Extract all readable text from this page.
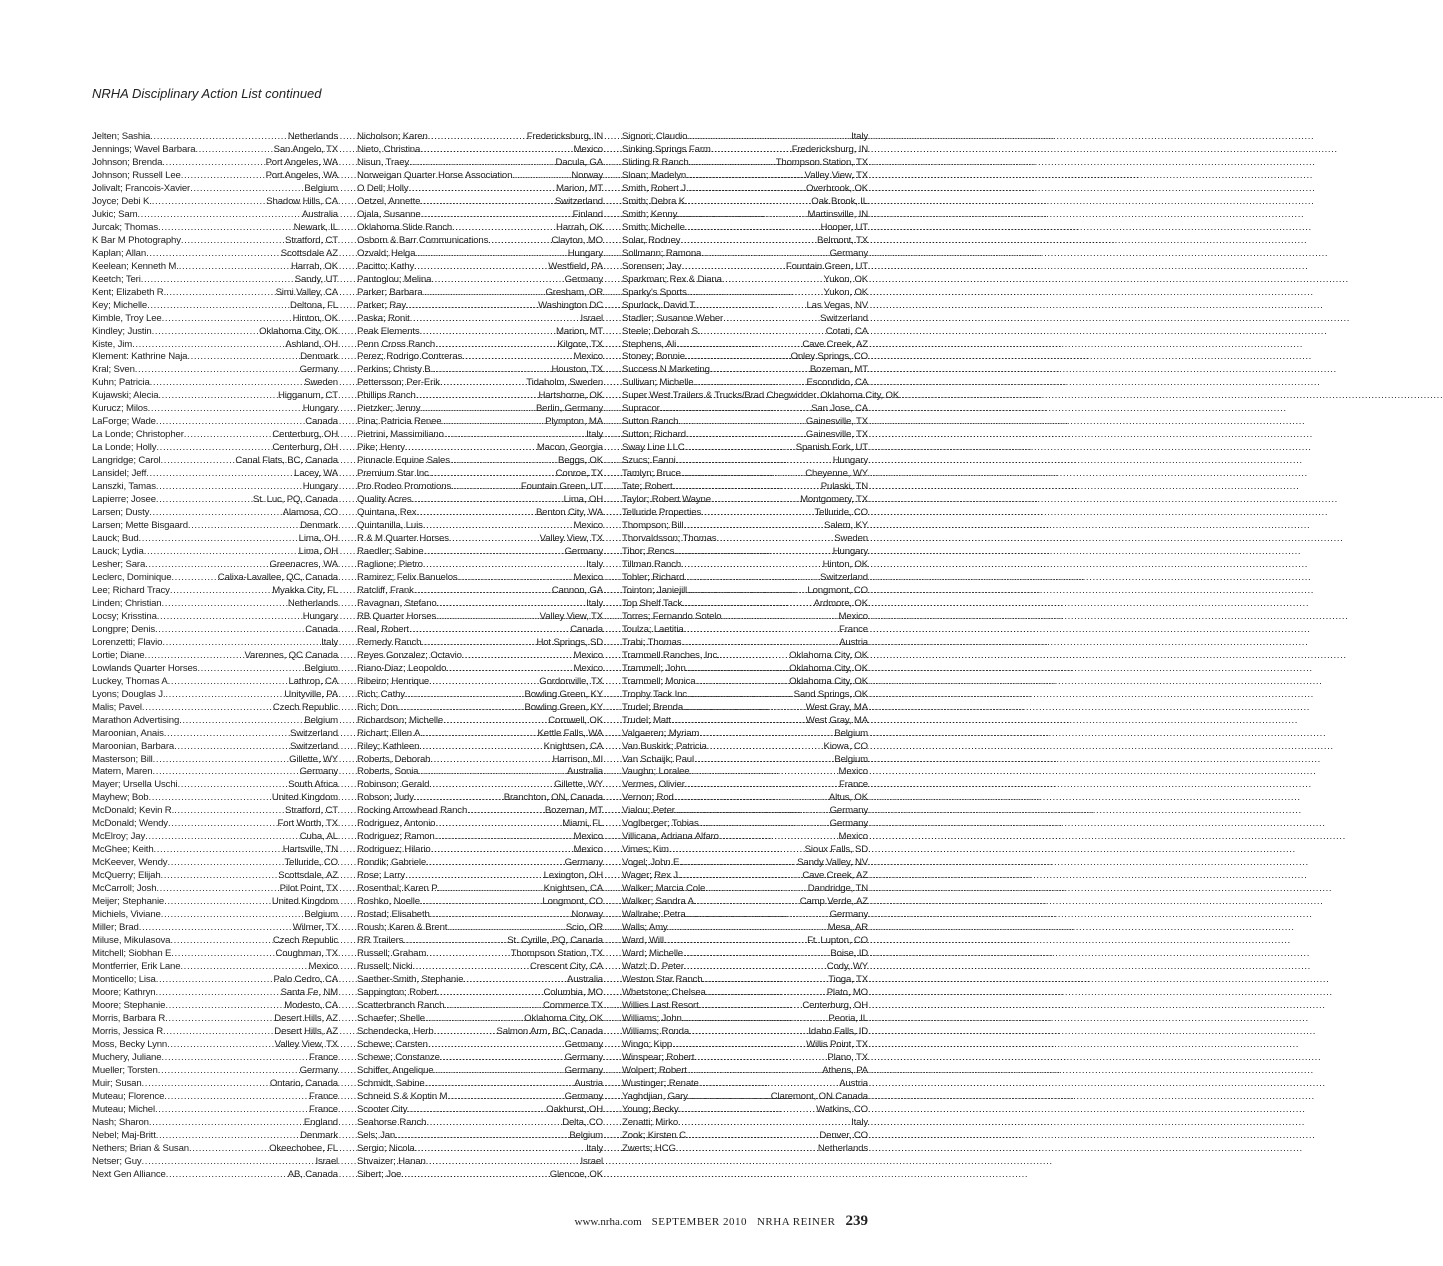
NRHA Disciplinary Action List continued
Jelten; Sashia .....	Netherlands
Jennings; Wavel Barbara .....	San Angelo, TX
Johnson; Brenda .....	Port Angeles, WA
Johnson; Russell Lee .....	Port Angeles, WA
Jolivalt; Francois-Xavier .....	Belgium
Joyce; Debi K. .....	Shadow Hills, CA
Jukic; Sam .....	Australia
Jurcak; Thomas .....	Newark, IL
K Bar M Photography .....	Stratford, CT
Kaplan; Allan .....	Scottsdale AZ
Keelean; Kenneth M. .....	Harrah, OK
Keetch; Teri .....	Sandy, UT
Kent; Elizabeth R. .....	Simi Valley, CA
Key; Michelle .....	Deltona, FL
Kimble, Troy Lee .....	Hinton, OK
Kindley; Justin .....	Oklahoma City, OK
Kiste, Jim .....	Ashland, OH
Klement: Kathrine Naja .....	Denmark
Kral; Sven .....	Germany
Kuhn; Patricia .....	Sweden
Kujawski; Alecia .....	Higganum, CT
Kurucz; Milos .....	Hungary
LaForge; Wade .....	Canada
La Londe; Christopher .....	Centerburg, OH
La Londe; Holly .....	Centerburg, OH
Langridge; Carol .....	Canal Flats, BC, Canada
Lansidel; Jeff .....	Lacey, WA
Lanszki, Tamas .....	Hungary
Lapierre; Josee .....	St. Luc, PQ, Canada
Larsen; Dusty .....	Alamosa, CO
Larsen; Mette Bisgaard .....	Denmark
Lauck; Bud .....	Lima, OH
Lauck; Lydia .....	Lima, OH
Lesher; Sara .....	Greenacres, WA
Leclerc, Dominique .....	Calixa-Lavallee, QC, Canada
Lee; Richard Tracy .....	Myakka City, FL
Linden; Christian .....	Netherlands
Locsy; Krisstina .....	Hungary
Longpre; Denis .....	Canada
Lorenzetti; Flavio .....	Italy
Lortie; Diane .....	Varennes, QC Canada
Lowlands Quarter Horses .....	Belgium
Luckey, Thomas A .....	Lathrop, CA
Lyons; Douglas J. .....	Unityville, PA
Malis; Pavel .....	Czech Republic
Marathon Advertising .....	Belgium
Maroonian, Anais .....	Switzerland
Maroonian, Barbara .....	Switzerland
Masterson; Bill .....	Gillette, WY
Matern, Maren .....	Germany
Mayer; Ursella Uschi .....	South Africa
Mayhew; Bob .....	United Kingdom
McDonald; Kevin R. .....	Stratford, CT
McDonald; Wendy .....	Fort Worth, TX
McElroy; Jay .....	Cuba, AL
McGhee; Keith .....	Hartsville, TN
McKeever, Wendy .....	Telluride, CO
McQuerry; Elijah .....	Scottsdale, AZ
McCarroll; Josh .....	Pilot Point, TX
Meijer; Stephanie .....	United Kingdom
Michiels, Viviane .....	Belgium
Miller; Brad .....	Wilmer, TX
Miluse, Mikulasova .....	Czech Republic
Mitchell; Siobhan E .....	Coughman, TX
Montferrier, Erik Lane .....	Mexico
Monticello; Lisa .....	Palo Cedro, CA
Moore; Kathryn .....	Santa Fe, NM
Moore; Stephanie .....	Modesto, CA
Morris, Barbara R .....	Desert Hills, AZ
Morris, Jessica R .....	Desert Hills, AZ
Moss, Becky Lynn .....	Valley View, TX
Muchery, Juliane .....	France
Mueller; Torsten .....	Germany
Muir; Susan .....	Ontario, Canada
Muteau; Florence .....	France
Muteau; Michel .....	France
Nash; Sharon .....	England
Nebel; Maj-Britt .....	Denmark
Nethers; Brian & Susan .....	Okeechobee, FL
Netser; Guy .....	Israel
Next Gen Alliance .....	AB, Canada
Nicholson; Karen .....	Fredericksburg, IN
Nieto, Christina .....	Mexico
Nisun, Traey .....	Dacula, GA
Norweigan Quarter Horse Association .....	Norway
O Dell; Holly .....	Marion, MT
Oetzel, Annette .....	Switzerland
Ojala, Susanne .....	Finland
Oklahoma Slide Ranch .....	Harrah, OK
Osborn & Barr Communications .....	Clayton, MO
Ozvald; Helga .....	Hungary
Pacitto; Kathy .....	Westfield, PA
Pantoglou; Melina .....	Germany
Parker; Barbara .....	Gresham, OR
Parker; Ray .....	Washington DC
Paska; Ronit .....	Israel
Peak Elements .....	Marion, MT
Penn Cross Ranch .....	Kilgore, TX
Perez; Rodrigo Contreras .....	Mexico
Perkins; Christy B. .....	Houston, TX
Pettersson; Per-Erik .....	Tidaholm, Sweden
Phillips Ranch .....	Hartshorne, OK
Pietzker; Jenny .....	Berlin, Germany
Pina; Patricia Renee .....	Plympton, MA
Pietrini, Massimiliano .....	Italy
Pike; Henry .....	Macon, Georgia
Pinnacle Equine Sales .....	Beggs, OK
Premium Star Inc. .....	Conroe, TX
Pro Rodeo Promotions .....	Fountain Green, UT
Quality Acres .....	Lima, OH
Quintana, Rex .....	Benton City, WA
Quintanilla, Luis .....	Mexico
R & M Quarter Horses .....	Valley View, TX
Raedler; Sabine .....	Germany
Raglione; Pietro .....	Italy
Ramirez; Felix Banuelos .....	Mexico
Ratcliff, Frank .....	Cannon, GA
Ravagnan, Stefano .....	Italy
RB Quarter Horses .....	Valley View, TX
Real, Robert .....	Canada
Remedy Ranch .....	Hot Springs, SD
Reyes Gonzalez; Octavio .....	Mexico
Riano-Diaz; Leopoldo .....	Mexico
Ribeiro; Henrique .....	Gordonville, TX
Rich; Cathy .....	Bowling Green, KY
Rich; Don .....	Bowling Green, KY
Richardson; Michelle .....	Cornwell, OK
Richart; Ellen A. .....	Kettle Falls, WA
Riley; Kathleen .....	Knightsen, CA
Roberts, Deborah .....	Harrison, MI
Roberts, Sonia .....	Australia
Robinson; Gerald .....	Gillette, WY
Robson; Judy .....	Branchton, ON, Canada
Rocking Arrowhead Ranch .....	Bozeman, MT
Rodriguez, Antonio .....	Miami, FL
Rodriguez; Ramon .....	Mexico
Rodriguez; Hilario .....	Mexico
Rondik; Gabriele .....	Germany
Rose; Larry .....	Lexington, OH
Rosenthal; Karen P. .....	Knightsen, CA
Roshko, Noelle .....	Longmont, CO
Rostad; Elisabeth .....	Norway
Roush; Karen & Brent .....	Scio, OR
RR Trailers .....	St. Cyrille, PQ, Canada
Russell; Graham .....	Thompson Station, TX
Russell; Nicki .....	Crescent City, CA
Saether-Smith, Stephanie .....	Australia
Sappington; Robert .....	Columbia, MO
Scatterbranch Ranch .....	Commerce TX
Schaefer; Shelle .....	Oklahoma City, OK
Schendecka, Herb .....	Salmon Arm, BC, Canada
Schewe; Carsten .....	Germany
Schewe; Constanze .....	Germany
Schiffer, Angelique .....	Germany
Schmidt, Sabine .....	Austria
Schneid S & Koptin M .....	Germany
Scooter City .....	Oakhurst, OH
Seahorse Ranch .....	Delta, CO
Sels; Jan .....	Belgium
Sergio; Nicola .....	Italy
Shvaizer; Hanan .....	Israel
Sibert; Joe .....	Glencoe, OK
Signori; Claudio .....	Italy
Sinking Springs Farm .....	Fredericksburg, IN
Sliding R Ranch .....	Thompson Station, TX
Sloan; Madelyn .....	Valley View, TX
Smith, Robert J. .....	Overbrook, OK
Smith; Debra K. .....	Oak Brook, IL
Smith; Kenny .....	Martinsville, IN
Smith; Michelle .....	Hooper, UT
Solar, Rodney .....	Belmont, TX
Sollmann; Ramona .....	Germany
Sorensen; Jay .....	Fountain Green, UT
Sparkman; Rex & Diana .....	Yukon, OK
Sparky's Sports .....	Yukon, OK
Spurlock, David T. .....	Las Vegas, NV
Stadler; Susanne Weber .....	Switzerland
Steele; Deborah S. .....	Cotati, CA
Stephens, Ali .....	Cave Creek, AZ
Stoney; Bonnie .....	Onley Springs, CO
Success N Marketing .....	Bozeman, MT
Sullivan; Michelle .....	Escondido, CA
Super West Trailers & Trucks/Brad Chegwidder ..... Oklahoma City, OK
Supracor .....	San Jose, CA
Sutton Ranch .....	Gainesville, TX
Sutton; Richard .....	Gainesville, TX
Sway Line LLC .....	Spanish Fork, UT
Szucs; Fanni .....	Hungary
Tamlyn; Bruce .....	Cheyenne, WY
Tate; Robert .....	Pulaski, TN
Taylor; Robert Wayne .....	Montgomery, TX
Telluride Properties .....	Telluride, CO
Thompson; Bill .....	Salem, KY
Thorvaldsson; Thomas .....	Sweden
Tibor; Rencs .....	Hungary
Tillman Ranch .....	Hinton, OK
Tobler; Richard .....	Switzerland
Tointon; Janiejill .....	Longmont, CO
Top Shelf Tack .....	Ardmore, OK
Torres; Fernando Sotelo .....	Mexico
Toulza; Laetitia .....	France
Trabi; Thomas .....	Austria
Trammell Ranches, Inc. .....	Oklahoma City, OK
Trammell; John .....	Oklahoma City, OK
Trammell; Monica .....	Oklahoma City, OK
Trophy Tack Inc .....	Sand Springs, OK
Trudel; Brenda .....	West Gray, MA
Trudel; Matt .....	West Gray, MA
Valgaeren; Myriam .....	Belgium
Van Buskirk; Patricia .....	Kiowa, CO
Van Schaijk; Paul .....	Belgium
Vaughn; Loralee .....	Mexico
Vermes, Olivier .....	France
Vernon; Rod .....	Altus, OK
Vialou; Peter .....	Germany
Voglberger; Tobias .....	Germany
Villicana, Adriana Alfaro .....	Mexico
Vimes; Kim .....	Sioux Falls, SD
Vogel; John E. .....	Sandy Valley, NV
Wager; Rex J. .....	Cave Creek, AZ
Walker; Marcia Cole .....	Dandridge, TN
Walker; Sandra A. .....	Camp Verde, AZ
Wallrabe; Petra .....	Germany
Walls; Amy .....	Mesa, AR
Ward, Will .....	Ft. Lupton, CO
Ward; Michelle .....	Boise, ID
Watzl; D. Peter .....	Cody, WY
Weston Star Ranch .....	Tioga, TX
Whetstone; Chelsea .....	Plato, MO
Willies Last Resort .....	Centerburg, OH
Williams; John .....	Peoria, IL
Williams; Ronda .....	Idaho Falls, ID
Wingo; Kipp .....	Willis Point, TX
Winspear; Robert .....	Plano, TX
Wolpert; Robert .....	Athens, PA
Wustinger; Renate .....	Austria
Yaghdjian, Gary .....	Claremont, ON Canada
Young; Becky .....	Watkins, CO
Zenatti; Mirko .....	Italy
Zook; Kirsten C. .....	Denver, CO
Zwerts; HCG .....	Netherlands
www.nrha.com SEPTEMBER 2010 NRHA REINER 239
